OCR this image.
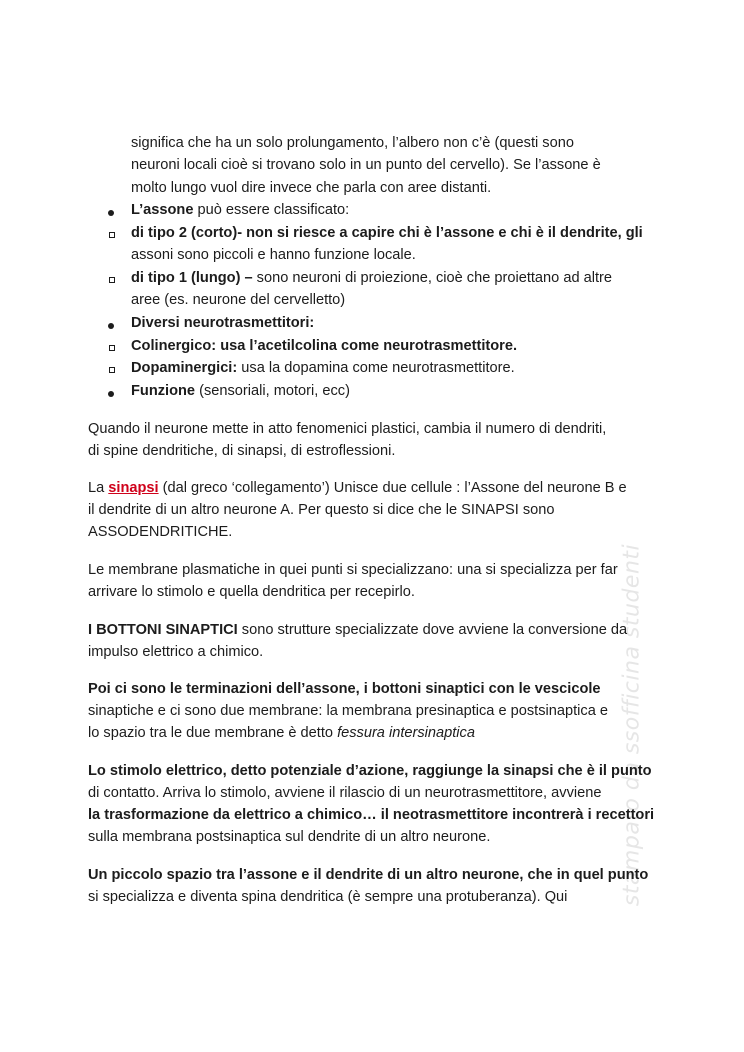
stampato da ssofficina studenti
significa che ha un solo prolungamento, l’albero non c’è (questi sono
neuroni locali cioè si trovano solo in un punto del cervello). Se l’assone è
molto lungo vuol dire invece che parla con aree distanti.
L’assone può essere classificato:
di tipo 2 (corto)- non si riesce a capire chi è l’assone e chi è il dendrite, gli
assoni sono piccoli e hanno funzione locale.
di tipo 1 (lungo) – sono neuroni di proiezione, cioè che proiettano ad altre
aree (es. neurone del cervelletto)
Diversi neurotrasmettitori:
Colinergico: usa l’acetilcolina come neurotrasmettitore.
Dopaminergici: usa la dopamina come neurotrasmettitore.
Funzione (sensoriali, motori, ecc)
Quando il neurone mette in atto fenomenici plastici, cambia il numero di dendriti,
di spine dendritiche, di sinapsi, di estroflessioni.
La sinapsi (dal greco ‘collegamento’) Unisce due cellule : l’Assone del neurone B e
il dendrite di un altro neurone A. Per questo si dice che le SINAPSI sono
ASSODENDRITICHE.
Le membrane plasmatiche in quei punti si specializzano: una si specializza per far
arrivare lo stimolo e quella dendritica per recepirlo.
I BOTTONI SINAPTICI sono strutture specializzate dove avviene la conversione da
impulso elettrico a chimico.
Poi ci sono le terminazioni dell’assone, i bottoni sinaptici con le vescicole
sinaptiche e ci sono due membrane: la membrana presinaptica e postsinaptica e
lo spazio tra le due membrane è detto fessura intersinaptica
Lo stimolo elettrico, detto potenziale d’azione, raggiunge la sinapsi che è il punto
di contatto. Arriva lo stimolo, avviene il rilascio di un neurotrasmettitore, avviene
la trasformazione da elettrico a chimico… il neotrasmettitore incontrerà i recettori
sulla membrana postsinaptica sul dendrite di un altro neurone.
Un piccolo spazio tra l’assone e il dendrite di un altro neurone, che in quel punto
si specializza e diventa spina dendritica (è sempre una protuberanza). Qui
